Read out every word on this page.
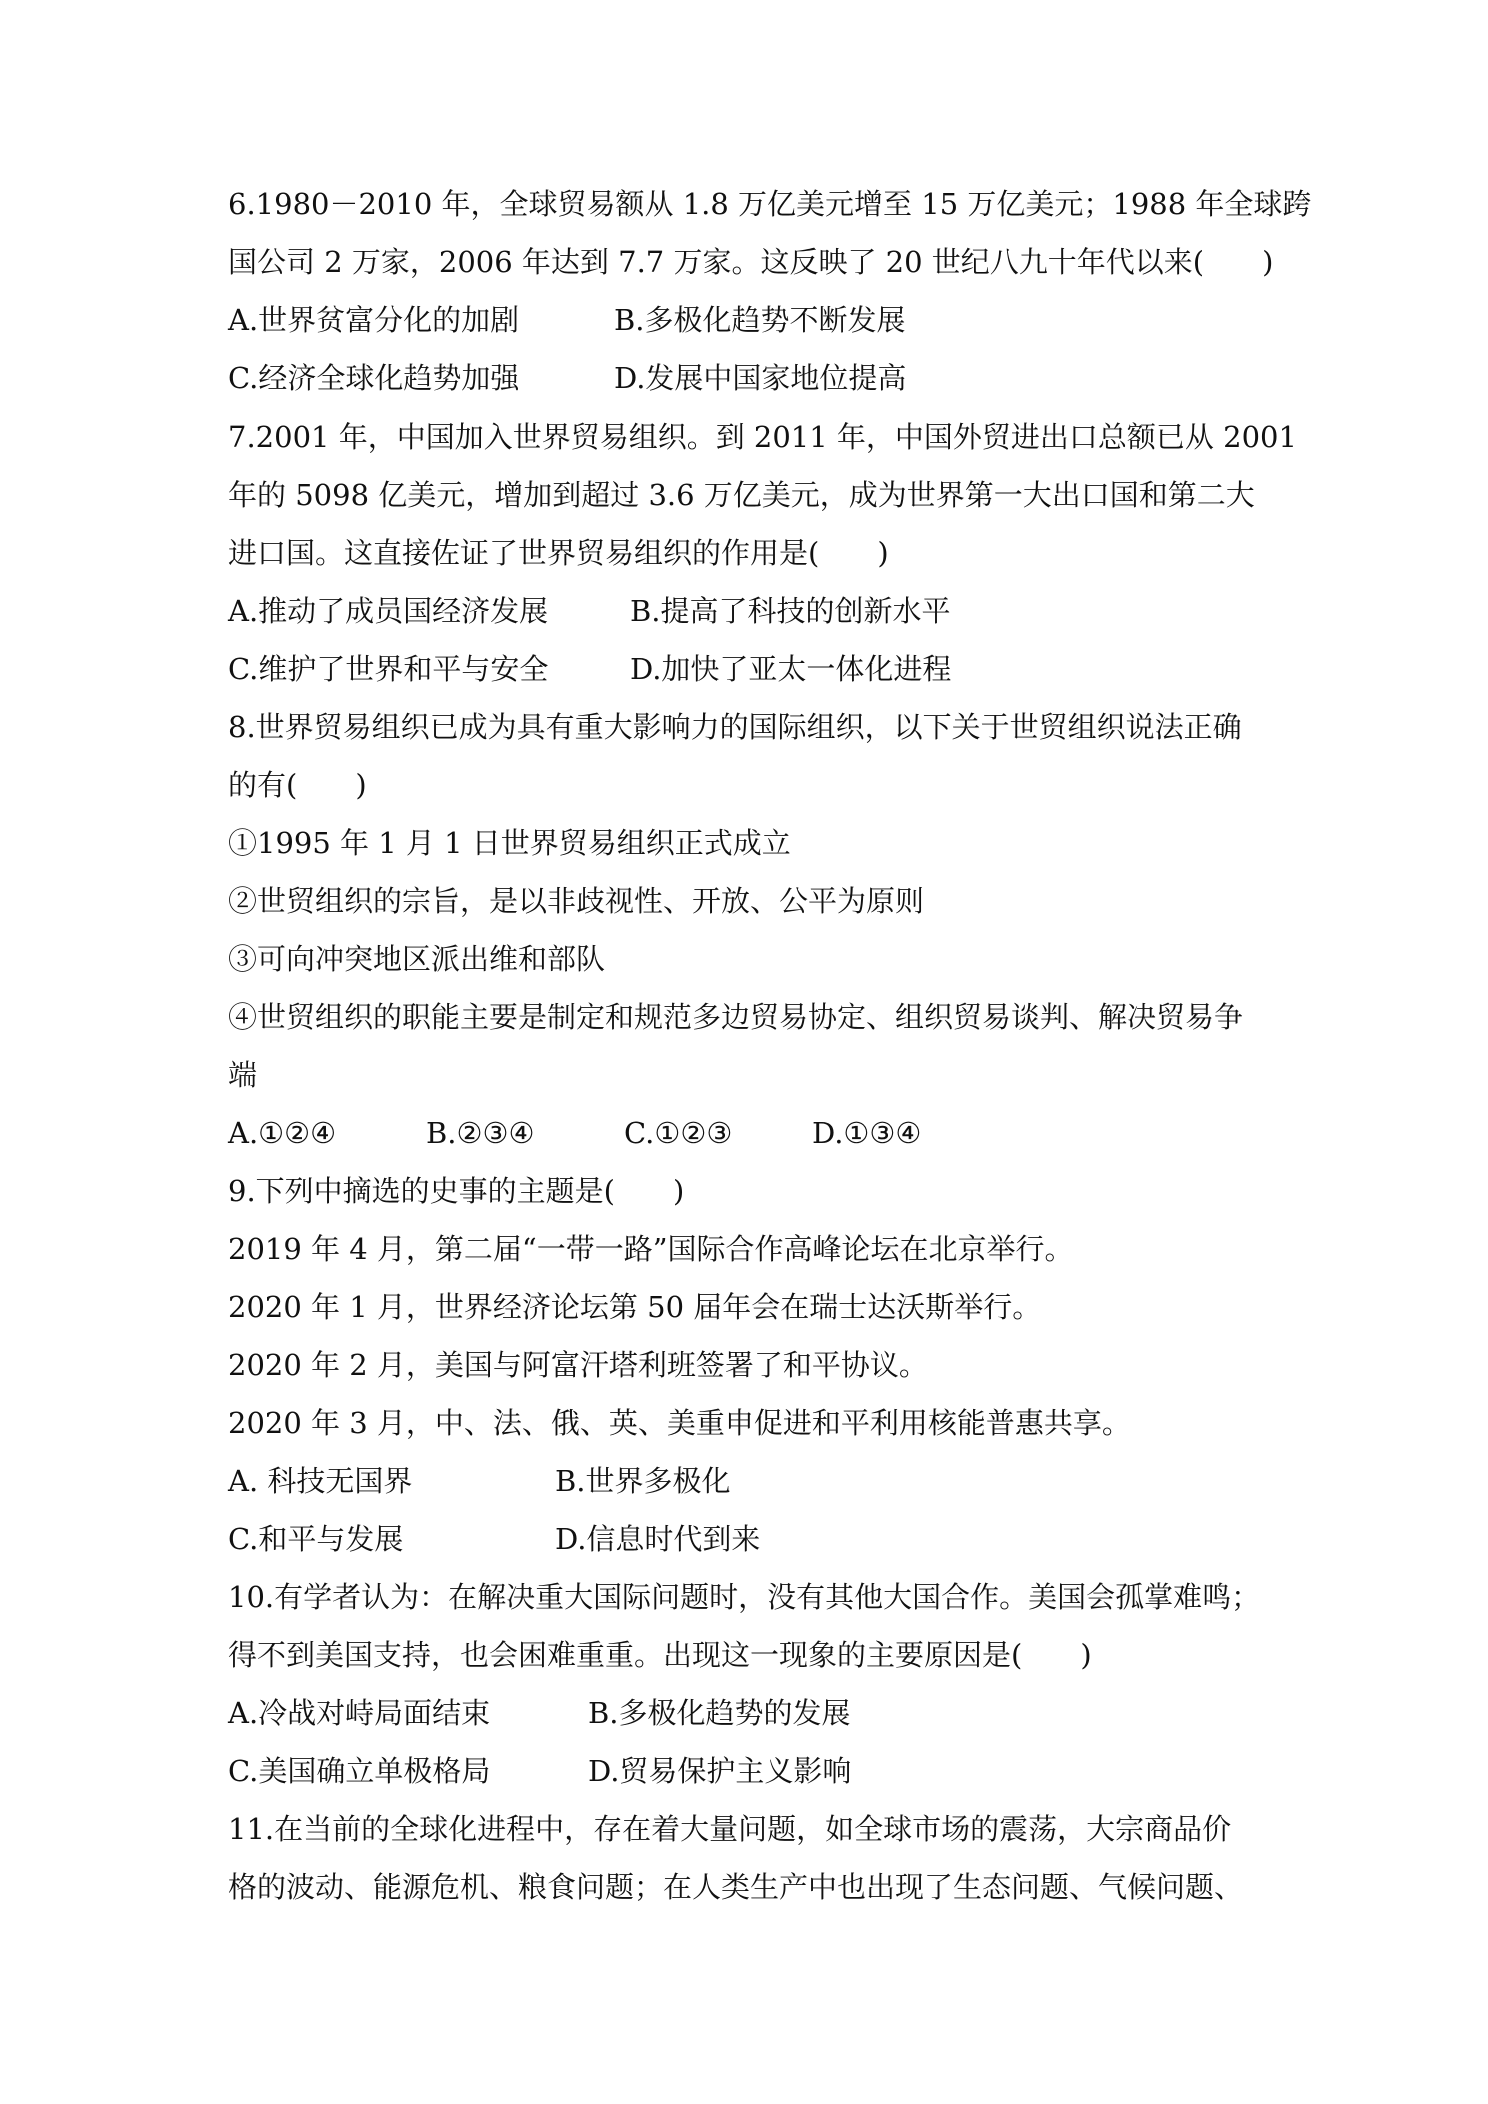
6.1980－2010 年，全球贸易额从 1.8 万亿美元增至 15 万亿美元；1988 年全球跨
国公司 2 万家，2006 年达到 7.7 万家。这反映了 20 世纪八九十年代以来(　　)
A.世界贫富分化的加剧	B.多极化趋势不断发展
C.经济全球化趋势加强	D.发展中国家地位提高
7.2001 年，中国加入世界贸易组织。到 2011 年，中国外贸进出口总额已从 2001
年的 5098 亿美元，增加到超过 3.6 万亿美元，成为世界第一大出口国和第二大
进口国。这直接佐证了世界贸易组织的作用是(　　)
A.推动了成员国经济发展	B.提高了科技的创新水平
C.维护了世界和平与安全	D.加快了亚太一体化进程
8.世界贸易组织已成为具有重大影响力的国际组织，以下关于世贸组织说法正确
的有(　　)
①1995 年 1 月 1 日世界贸易组织正式成立
②世贸组织的宗旨，是以非歧视性、开放、公平为原则
③可向冲突地区派出维和部队
④世贸组织的职能主要是制定和规范多边贸易协定、组织贸易谈判、解决贸易争
端
A.①②④	B.②③④	C.①②③	D.①③④
9.下列中摘选的史事的主题是(　　)
2019 年 4 月，第二届“一带一路”国际合作高峰论坛在北京举行。
2020 年 1 月，世界经济论坛第 50 届年会在瑞士达沃斯举行。
2020 年 2 月，美国与阿富汗塔利班签署了和平协议。
2020 年 3 月，中、法、俄、英、美重申促进和平利用核能普惠共享。
A. 科技无国界	B.世界多极化
C.和平与发展	D.信息时代到来
10.有学者认为：在解决重大国际问题时，没有其他大国合作。美国会孤掌难鸣；
得不到美国支持，也会困难重重。出现这一现象的主要原因是(　　)
A.冷战对峙局面结束	B.多极化趋势的发展
C.美国确立单极格局	D.贸易保护主义影响
11.在当前的全球化进程中，存在着大量问题，如全球市场的震荡，大宗商品价
格的波动、能源危机、粮食问题；在人类生产中也出现了生态问题、气候问题、
